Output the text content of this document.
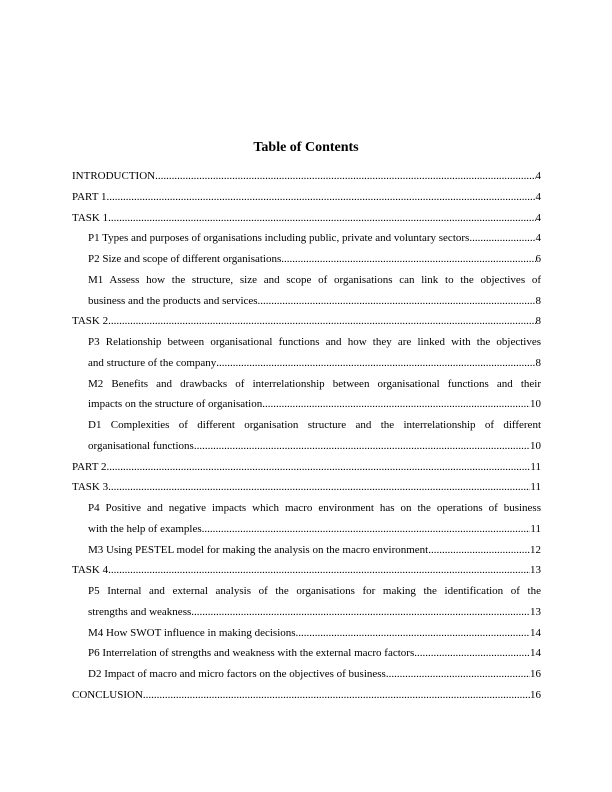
Table of Contents
INTRODUCTION .....	4
PART 1 .....	4
TASK 1 .....	4
P1 Types and purposes of organisations including public, private and voluntary sectors .....	4
P2 Size and scope of different organisations .....	6
M1 Assess how the structure, size and scope of organisations can link to the objectives of
business and the products and services .....	8
TASK 2 .....	8
P3 Relationship between organisational functions and how they are linked with the objectives
and structure of the company .....	8
M2 Benefits and drawbacks of interrelationship between organisational functions and their
impacts on the structure of organisation .....	10
D1 Complexities of different organisation structure and the interrelationship of different
organisational functions .....	10
PART 2 .....	11
TASK 3 .....	11
P4 Positive and negative impacts which macro environment has on the operations of business
with the help of examples .....	11
M3 Using PESTEL model for making the analysis on the macro environment .....	12
TASK 4 .....	13
P5 Internal and external analysis of the organisations for making the identification of the
strengths and weakness .....	13
M4 How SWOT influence in making decisions .....	14
P6 Interrelation of strengths and weakness with the external macro factors .....	14
D2 Impact of macro and micro factors on the objectives of business .....	16
CONCLUSION .....	16
